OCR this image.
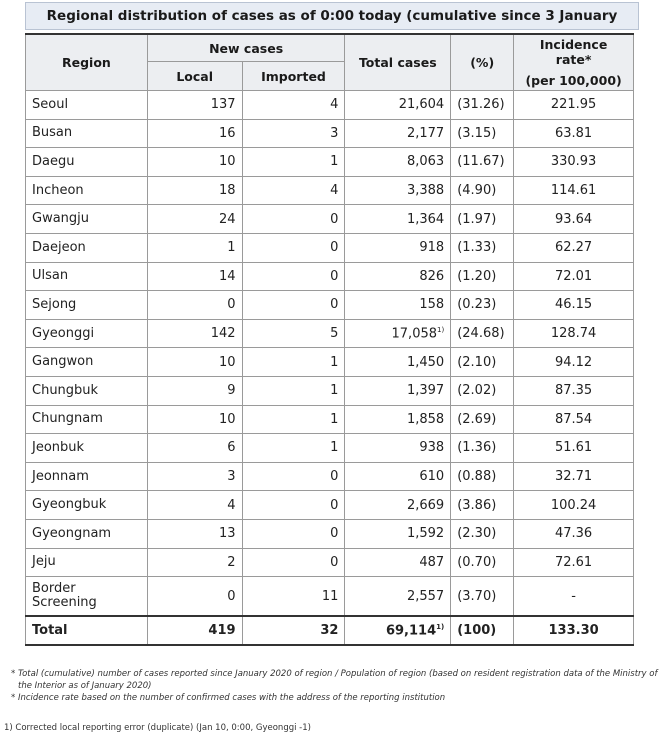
Regional distribution of cases as of 0:00 today (cumulative since 3 January
Region	New cases		Total cases	(%)	Incidence rate*
(per 100,000)

	Local	Imported			
Seoul	137	4	21,604	(31.26)	221.95
Busan	16	3	2,177	(3.15)	63.81
Daegu	10	1	8,063	(11.67)	330.93
Incheon	18	4	3,388	(4.90)	114.61
Gwangju	24	0	1,364	(1.97)	93.64
Daejeon	1	0	918	(1.33)	62.27
Ulsan	14	0	826	(1.20)	72.01
Sejong	0	0	158	(0.23)	46.15
Gyeonggi	142	5	17,058$^{1)}$	(24.68)	128.74
Gangwon	10	1	1,450	(2.10)	94.12
Chungbuk	9	1	1,397	(2.02)	87.35
Chungnam	10	1	1,858	(2.69)	87.54
Jeonbuk	6	1	938	(1.36)	51.61
Jeonnam	3	0	610	(0.88)	32.71
Gyeongbuk	4	0	2,669	(3.86)	100.24
Gyeongnam	13	0	1,592	(2.30)	47.36
Jeju	2	0	487	(0.70)	72.61

Border
Screening	0	11	2,557	(3.70)	-
Total	419	32	69,114$^{1)}$	(100)	133.30

* Total (cumulative) number of cases reported since January 2020 of region / Population of region (based on resident registration data of the Ministry of the Interior as of January 2020)

* Incidence rate based on the number of confirmed cases with the address of the reporting institution

1) Corrected local reporting error (duplicate) (Jan 10, 0:00, Gyeonggi -1)
